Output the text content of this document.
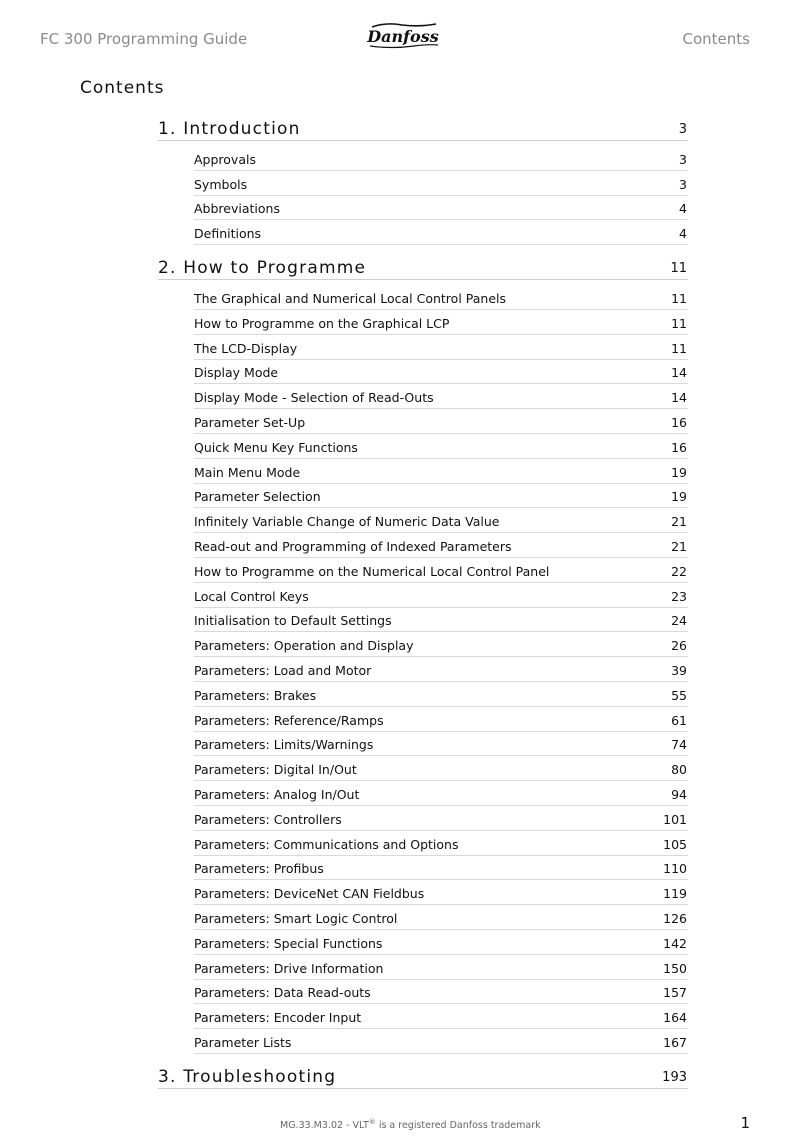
FC 300 Programming Guide	Danfoss	Contents
Contents
1. Introduction	3
Approvals	3
Symbols	3
Abbreviations	4
Definitions	4
2. How to Programme	11
The Graphical and Numerical Local Control Panels	11
How to Programme on the Graphical LCP	11
The LCD-Display	11
Display Mode	14
Display Mode - Selection of Read-Outs	14
Parameter Set-Up	16
Quick Menu Key Functions	16
Main Menu Mode	19
Parameter Selection	19
Infinitely Variable Change of Numeric Data Value	21
Read-out and Programming of Indexed Parameters	21
How to Programme on the Numerical Local Control Panel	22
Local Control Keys	23
Initialisation to Default Settings	24
Parameters: Operation and Display	26
Parameters: Load and Motor	39
Parameters: Brakes	55
Parameters: Reference/Ramps	61
Parameters: Limits/Warnings	74
Parameters: Digital In/Out	80
Parameters: Analog In/Out	94
Parameters: Controllers	101
Parameters: Communications and Options	105
Parameters: Profibus	110
Parameters: DeviceNet CAN Fieldbus	119
Parameters: Smart Logic Control	126
Parameters: Special Functions	142
Parameters: Drive Information	150
Parameters: Data Read-outs	157
Parameters: Encoder Input	164
Parameter Lists	167
3. Troubleshooting	193
MG.33.M3.02 - VLT® is a registered Danfoss trademark	1
